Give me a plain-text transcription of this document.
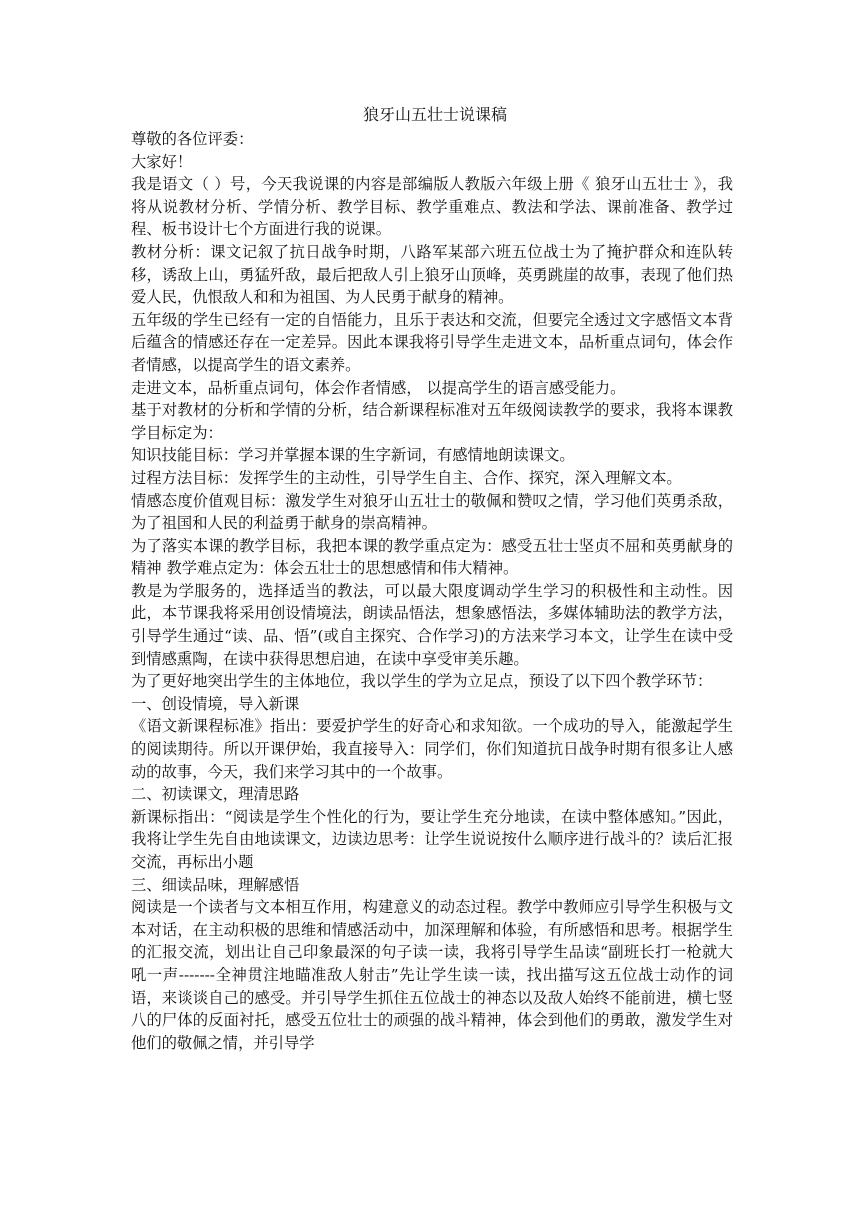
狼牙山五壮士说课稿

尊敬的各位评委：

大家好！

我是语文（ ）号，今天我说课的内容是部编版人教版六年级上册《 狼牙山五壮士 》，我将从说教材分析、学情分析、教学目标、教学重难点、教法和学法、课前准备、教学过程、板书设计七个方面进行我的说课。

教材分析：课文记叙了抗日战争时期，八路军某部六班五位战士为了掩护群众和连队转移，诱敌上山，勇猛歼敌，最后把敌人引上狼牙山顶峰，英勇跳崖的故事，表现了他们热爱人民，仇恨敌人和和为祖国、为人民勇于献身的精神。

五年级的学生已经有一定的自悟能力，且乐于表达和交流，但要完全透过文字感悟文本背后蕴含的情感还存在一定差异。因此本课我将引导学生走进文本，品析重点词句，体会作者情感，以提高学生的语文素养。

走进文本，品析重点词句，体会作者情感， 以提高学生的语言感受能力。

基于对教材的分析和学情的分析，结合新课程标准对五年级阅读教学的要求，我将本课教学目标定为：

知识技能目标：学习并掌握本课的生字新词，有感情地朗读课文。

过程方法目标：发挥学生的主动性，引导学生自主、合作、探究，深入理解文本。

情感态度价值观目标：激发学生对狼牙山五壮士的敬佩和赞叹之情，学习他们英勇杀敌，为了祖国和人民的利益勇于献身的崇高精神。

为了落实本课的教学目标，我把本课的教学重点定为：感受五壮士坚贞不屈和英勇献身的精神 教学难点定为：体会五壮士的思想感情和伟大精神。

教是为学服务的，选择适当的教法，可以最大限度调动学生学习的积极性和主动性。因此，本节课我将采用创设情境法，朗读品悟法，想象感悟法，多媒体辅助法的教学方法，引导学生通过“读、品、悟”(或自主探究、合作学习)的方法来学习本文，让学生在读中受到情感熏陶，在读中获得思想启迪，在读中享受审美乐趣。

为了更好地突出学生的主体地位，我以学生的学为立足点，预设了以下四个教学环节：

一、创设情境，导入新课

《语文新课程标准》指出：要爱护学生的好奇心和求知欲。一个成功的导入，能激起学生的阅读期待。所以开课伊始，我直接导入：同学们，你们知道抗日战争时期有很多让人感动的故事，今天，我们来学习其中的一个故事。

二、初读课文，理清思路

新课标指出：“阅读是学生个性化的行为，要让学生充分地读，在读中整体感知。”因此，我将让学生先自由地读课文，边读边思考：让学生说说按什么顺序进行战斗的？读后汇报交流，再标出小题

三、细读品味，理解感悟

阅读是一个读者与文本相互作用，构建意义的动态过程。教学中教师应引导学生积极与文本对话，在主动积极的思维和情感活动中，加深理解和体验，有所感悟和思考。根据学生的汇报交流，划出让自己印象最深的句子读一读，我将引导学生品读“副班长打一枪就大吼一声-------全神贯注地瞄准敌人射击”先让学生读一读，找出描写这五位战士动作的词语，来谈谈自己的感受。并引导学生抓住五位战士的神态以及敌人始终不能前进，横七竖八的尸体的反面衬托，感受五位壮士的顽强的战斗精神，体会到他们的勇敢，激发学生对他们的敬佩之情，并引导学
